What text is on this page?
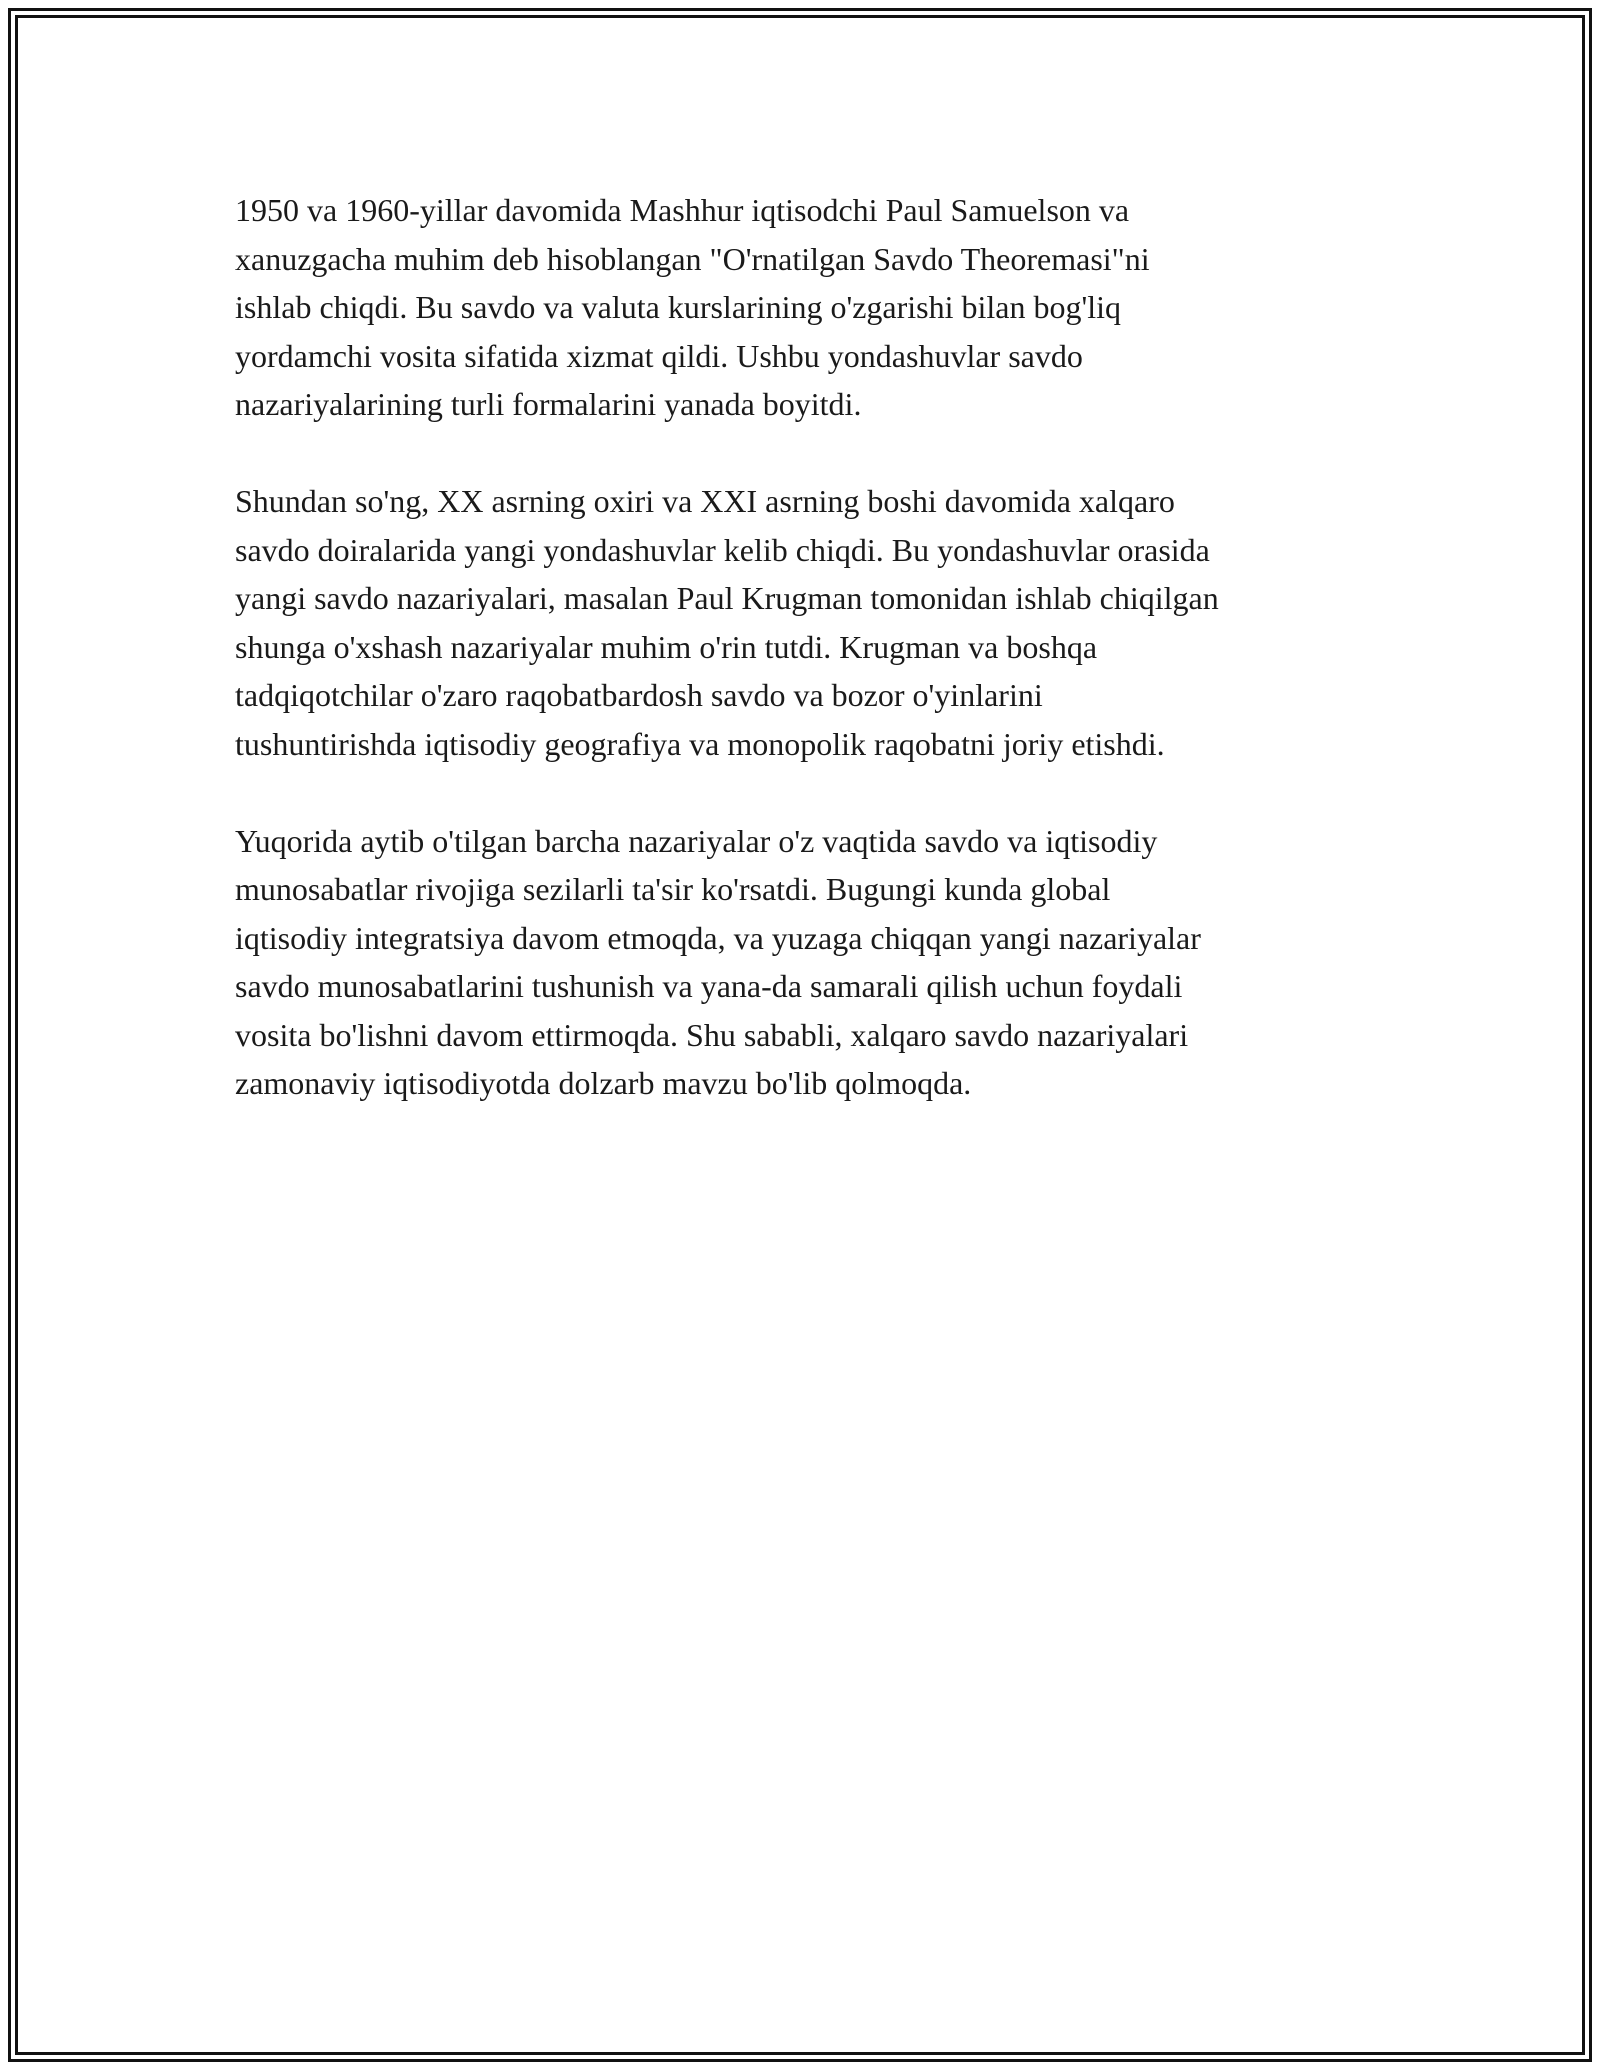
1950 va 1960-yillar davomida Mashhur iqtisodchi Paul Samuelson va
xanuzgacha muhim deb hisoblangan "O'rnatilgan Savdo Theoremasi"ni
ishlab chiqdi. Bu savdo va valuta kurslarining o'zgarishi bilan bog'liq
yordamchi vosita sifatida xizmat qildi. Ushbu yondashuvlar savdo
nazariyalarining turli formalarini yanada boyitdi.

Shundan so'ng, XX asrning oxiri va XXI asrning boshi davomida xalqaro
savdo doiralarida yangi yondashuvlar kelib chiqdi. Bu yondashuvlar orasida
yangi savdo nazariyalari, masalan Paul Krugman tomonidan ishlab chiqilgan
shunga o'xshash nazariyalar muhim o'rin tutdi. Krugman va boshqa
tadqiqotchilar o'zaro raqobatbardosh savdo va bozor o'yinlarini
tushuntirishda iqtisodiy geografiya va monopolik raqobatni joriy etishdi.

Yuqorida aytib o'tilgan barcha nazariyalar o'z vaqtida savdo va iqtisodiy
munosabatlar rivojiga sezilarli ta'sir ko'rsatdi. Bugungi kunda global
iqtisodiy integratsiya davom etmoqda, va yuzaga chiqqan yangi nazariyalar
savdo munosabatlarini tushunish va yana-da samarali qilish uchun foydali
vosita bo'lishni davom ettirmoqda. Shu sababli, xalqaro savdo nazariyalari
zamonaviy iqtisodiyotda dolzarb mavzu bo'lib qolmoqda.
